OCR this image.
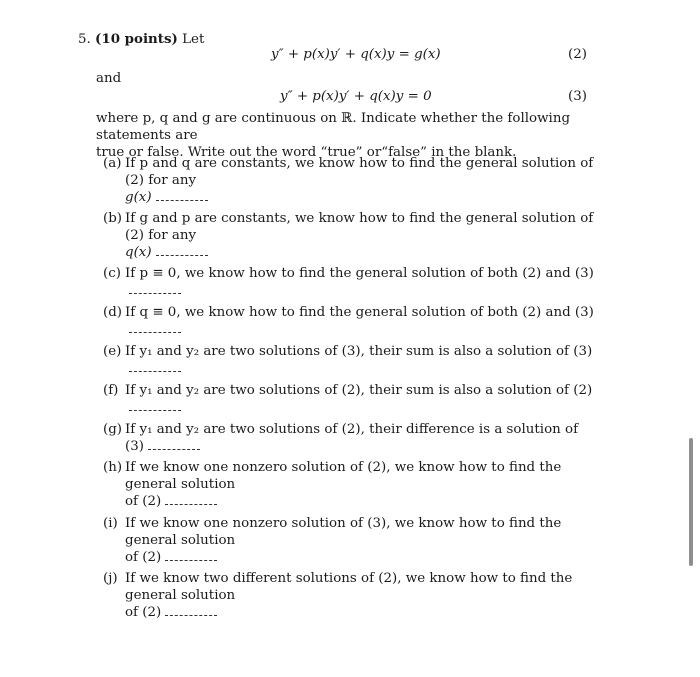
5. (10 points) Let
y″ + p(x)y′ + q(x)y = g(x)	(2)
and
y″ + p(x)y′ + q(x)y = 0	(3)
where p, q and g are continuous on ℝ. Indicate whether the following statements are
true or false. Write out the word “true” or“false” in the blank.
(a) If p and q are constants, we know how to find the general solution of (2) for any
g(x)
(b) If g and p are constants, we know how to find the general solution of (2) for any
q(x)
(c) If p ≡ 0, we know how to find the general solution of both (2) and (3)
(d) If q ≡ 0, we know how to find the general solution of both (2) and (3)
(e) If y₁ and y₂ are two solutions of (3), their sum is also a solution of (3)
(f) If y₁ and y₂ are two solutions of (2), their sum is also a solution of (2)
(g) If y₁ and y₂ are two solutions of (2), their difference is a solution of (3)
(h) If we know one nonzero solution of (2), we know how to find the general solution
of (2)
(i) If we know one nonzero solution of (3), we know how to find the general solution
of (2)
(j) If we know two different solutions of (2), we know how to find the general solution
of (2)
